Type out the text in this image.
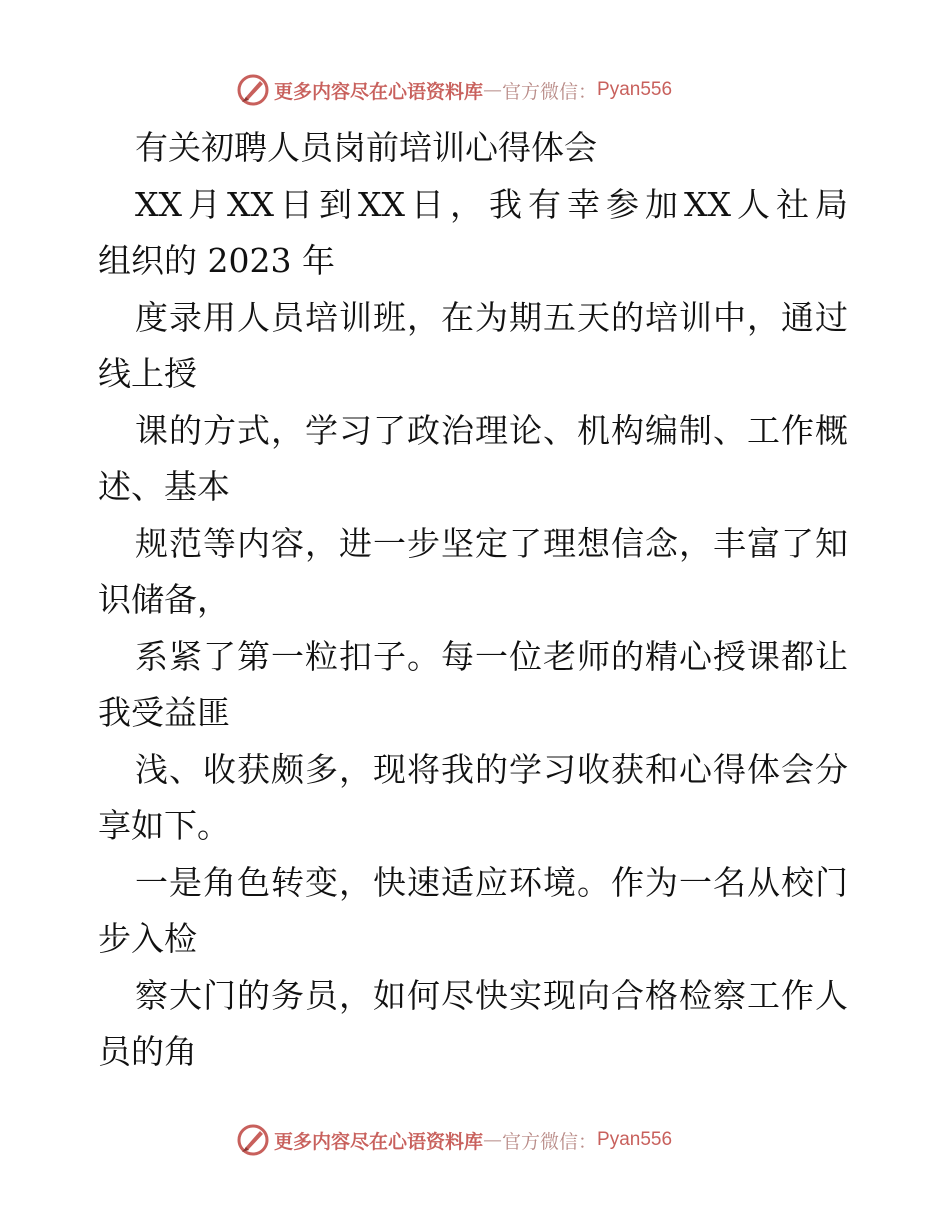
更多内容尽在心语资料库 — 官方微信： Pyan556
有关初聘人员岗前培训心得体会
XX 月 XX 日 到 XX 日 ， 我 有 幸 参 加 XX 人 社 局
组织的 2023 年
度 录 用 人 员 培 训 班 ， 在 为 期 五 天 的 培 训 中 ， 通 过
线上授
课 的 方 式 ， 学 习 了 政 治 理 论 、 机 构 编 制 、 工 作 概
述、基本
规 范 等 内 容 ， 进 一 步 坚 定 了 理 想 信 念 ， 丰 富 了 知
识储备，
系 紧 了 第 一 粒 扣 子 。 每 一 位 老 师 的 精 心 授 课 都 让
我受益匪
浅 、 收 获 颇 多 ， 现 将 我 的 学 习 收 获 和 心 得 体 会 分
享如下。
一 是 角 色 转 变 ， 快 速 适 应 环 境 。 作 为 一 名 从 校 门
步入检
察 大 门 的 务 员 ， 如 何 尽 快 实 现 向 合 格 检 察 工 作 人
员的角
更多内容尽在心语资料库 — 官方微信： Pyan556
